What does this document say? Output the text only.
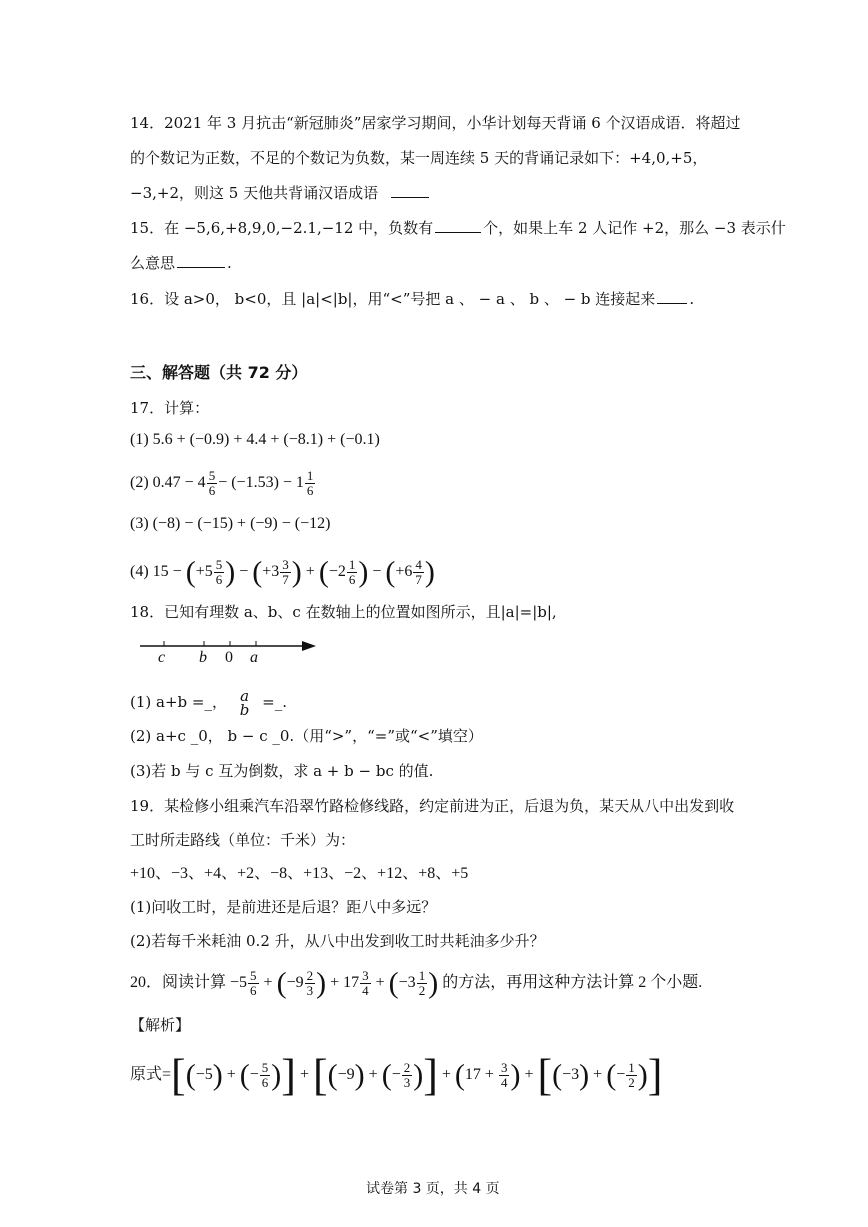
14．2021 年 3 月抗击“新冠肺炎”居家学习期间，小华计划每天背诵 6 个汉语成语．将超过
的个数记为正数，不足的个数记为负数，某一周连续 5 天的背诵记录如下：+4,0,+5，
−3,+2，则这 5 天他共背诵汉语成语
15．在 −5,6,+8,9,0,−2.1,−12 中，负数有	个，如果上车 2 人记作 +2，那么 −3 表示什
么意思	.
16．设 a>0， b<0，且 |a|<|b|，用“<”号把 a 、 − a 、 b 、 − b 连接起来 .
三、解答题（共 72 分）
17．计算：
(1) 5.6 + (−0.9) + 4.4 + (−8.1) + (−0.1)
(2) $0.47 - 4 \frac{5}{6} - (-1.53) - 1 \frac{1}{6}$
(3) (−8) − (−15) + (−9) − (−12)
(4) $15 - (+5 \frac{5}{6}$ ) − ($+3 \frac{3}{7}$ ) + ($-2 \frac{1}{6}$ ) − ($+6 \frac{4}{7}$ )
18．已知有理数 a、b、c 在数轴上的位置如图所示，且|a|=|b|,
c b 0 a
(1) a+b =_， a
b =_.
(2) a+c _0， b − c _0.（用“>”，“=”或“<”填空）
(3)若 b 与 c 互为倒数，求 a + b − bc 的值.
19．某检修小组乘汽车沿翠竹路检修线路，约定前进为正，后退为负，某天从八中出发到收
工时所走路线（单位：千米）为：
+10、−3、+4、+2、−8、+13、−2、+12、+8、+5
(1)问收工时，是前进还是后退？距八中多远？
(2)若每千米耗油 0.2 升，从八中出发到收工时共耗油多少升？
20．阅读计算 $-5 \frac{5}{6} + (-9 \frac{2}{3}$ ) + $17 \frac{3}{4} + (-3 \frac{1}{2}$ ) 的方法，再用这种方法计算 2 个小题.
【解析】
原式=[(−5) + (− $\frac{5}{6}$ )] + [(−9) + (− $\frac{2}{3}$ )] + ($17 + \frac{3}{4}$ ) + [(−3) + (− $\frac{1}{2}$ )]
试卷第 3 页，共 4 页
